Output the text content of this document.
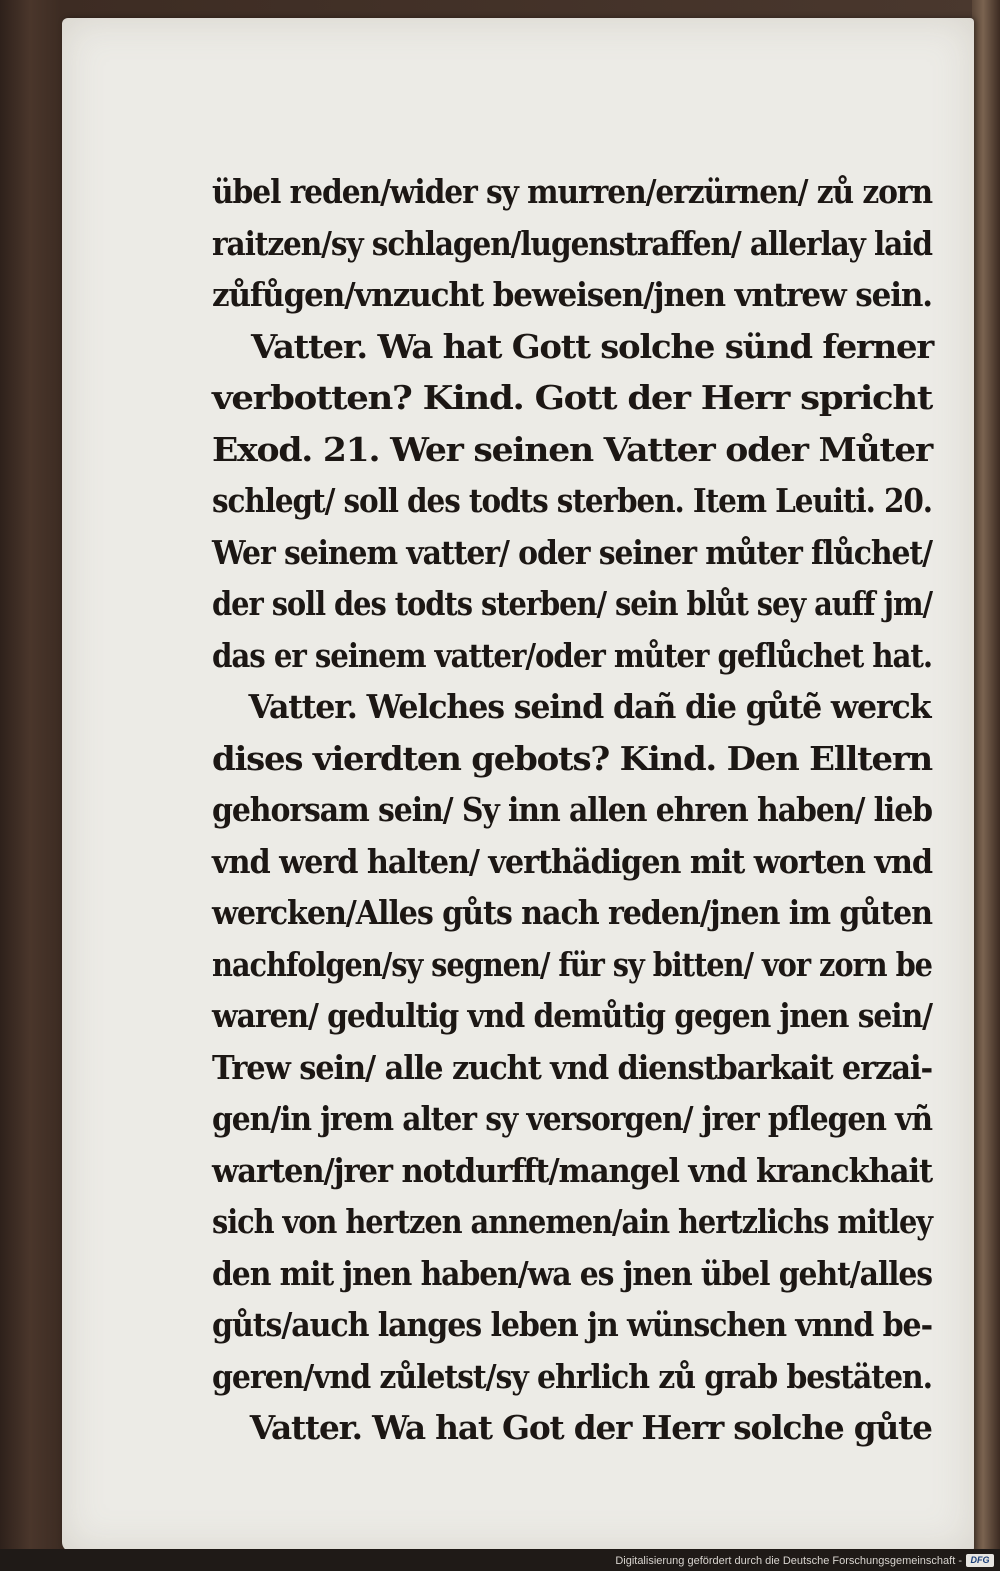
übel reden/wider sy murren/erzürnen/ zů zorn
raitzen/sy schlagen/lugenstraffen/ allerlay laid
zůfůgen/vnzucht beweisen/jnen vntrew sein.
Vatter. Wa hat Gott solche sünd ferner
verbotten? Kind. Gott der Herr spricht
Exod. 21. Wer seinen Vatter oder Můter
schlegt/ soll des todts sterben. Item Leuiti. 20.
Wer seinem vatter/ oder seiner můter flůchet/
der soll des todts sterben/ sein blůt sey auff jm/
das er seinem vatter/oder můter geflůchet hat.
Vatter. Welches seind dañ die gůtẽ werck
dises vierdten gebots? Kind. Den Elltern
gehorsam sein/ Sy inn allen ehren haben/ lieb
vnd werd halten/ verthädigen mit worten vnd
wercken/Alles gůts nach reden/jnen im gůten
nachfolgen/sy segnen/ für sy bitten/ vor zorn be
waren/ gedultig vnd demůtig gegen jnen sein/
Trew sein/ alle zucht vnd dienstbarkait erzai-
gen/in jrem alter sy versorgen/ jrer pflegen vñ
warten/jrer notdurfft/mangel vnd kranckhait
sich von hertzen annemen/ain hertzlichs mitley
den mit jnen haben/wa es jnen übel geht/alles
gůts/auch langes leben jn wünschen vnnd be-
geren/vnd zůletst/sy ehrlich zů grab bestäten.
Vatter. Wa hat Got der Herr solche gůte
Digitalisierung gefördert durch die Deutsche Forschungsgemeinschaft - DFG
